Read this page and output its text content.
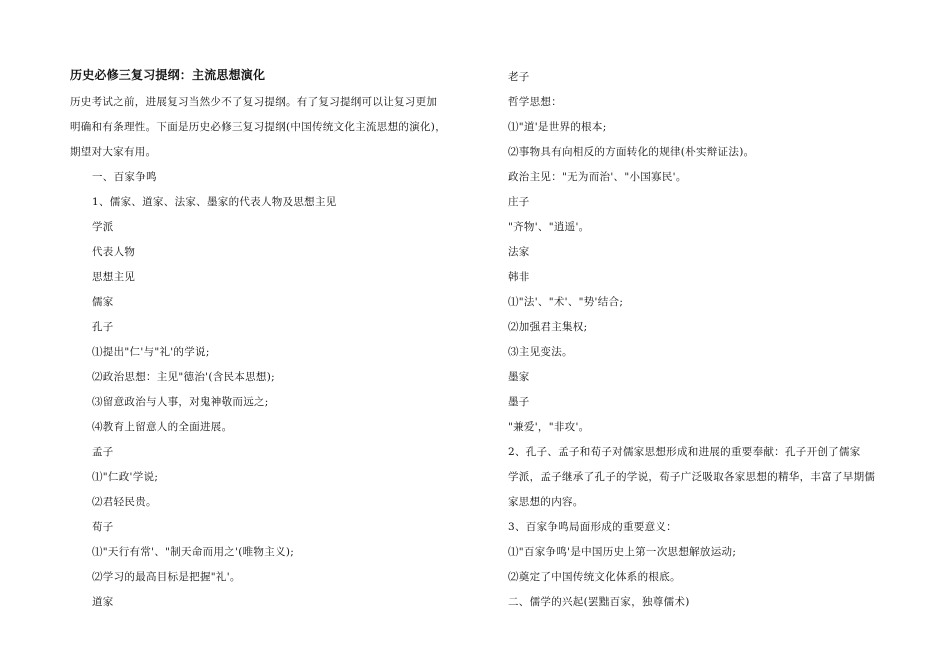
历史必修三复习提纲：主流思想演化
历史考试之前，进展复习当然少不了复习提纲。有了复习提纲可以让复习更加
明确和有条理性。下面是历史必修三复习提纲(中国传统文化主流思想的演化)，
期望对大家有用。
一、百家争鸣
1、儒家、道家、法家、墨家的代表人物及思想主见
学派
代表人物
思想主见
儒家
孔子
⑴提出"仁'与"礼'的学说;
⑵政治思想：主见"德治'(含民本思想);
⑶留意政治与人事，对鬼神敬而远之;
⑷教育上留意人的全面进展。
孟子
⑴"仁政'学说;
⑵君轻民贵。
荀子
⑴"天行有常'、"制天命而用之'(唯物主义);
⑵学习的最高目标是把握"礼'。
道家
老子
哲学思想：
⑴"道'是世界的根本;
⑵事物具有向相反的方面转化的规律(朴实辩证法)。
政治主见："无为而治'、"小国寡民'。
庄子
"齐物'、"逍遥'。
法家
韩非
⑴"法'、"术'、"势'结合;
⑵加强君主集权;
⑶主见变法。
墨家
墨子
"兼爱'，"非攻'。
2、孔子、孟子和荀子对儒家思想形成和进展的重要奉献：孔子开创了儒家
学派，孟子继承了孔子的学说，荀子广泛吸取各家思想的精华，丰富了早期儒
家思想的内容。
3、百家争鸣局面形成的重要意义：
⑴"百家争鸣'是中国历史上第一次思想解放运动;
⑵奠定了中国传统文化体系的根底。
二、儒学的兴起(罢黜百家，独尊儒术)
